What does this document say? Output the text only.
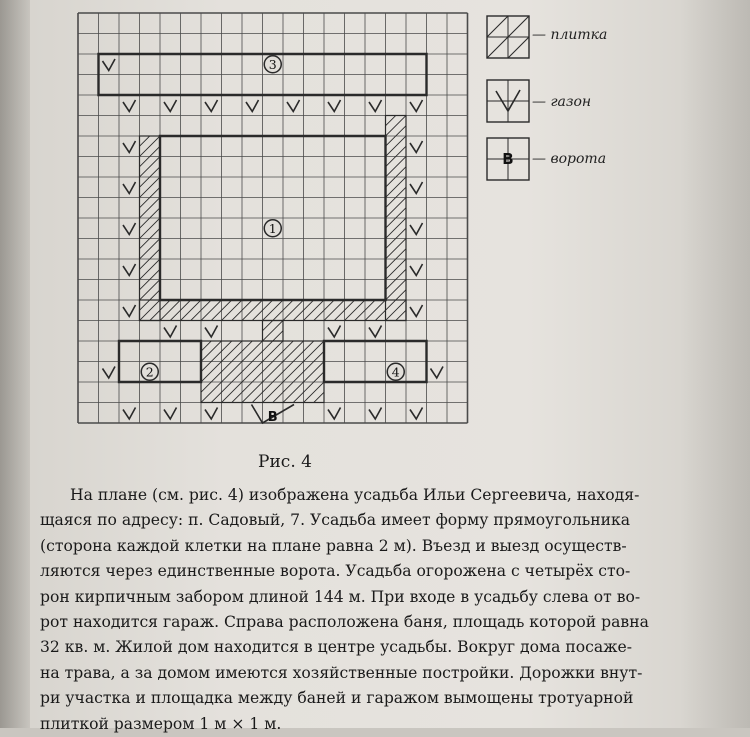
1
2
3
4
В
В
— плитка
— газон
— ворота
Рис. 4
На плане (см. рис. 4) изображена усадьба Ильи Сергеевича, находя-
щаяся по адресу: п. Садовый, 7. Усадьба имеет форму прямоугольника
(сторона каждой клетки на плане равна 2 м). Въезд и выезд осуществ-
ляются через единственные ворота. Усадьба огорожена с четырёх сто-
рон кирпичным забором длиной 144 м. При входе в усадьбу слева от во-
рот находится гараж. Справа расположена баня, площадь которой равна
32 кв. м. Жилой дом находится в центре усадьбы. Вокруг дома посаже-
на трава, а за домом имеются хозяйственные постройки. Дорожки внут-
ри участка и площадка между баней и гаражом вымощены тротуарной
плиткой размером 1 м × 1 м.
